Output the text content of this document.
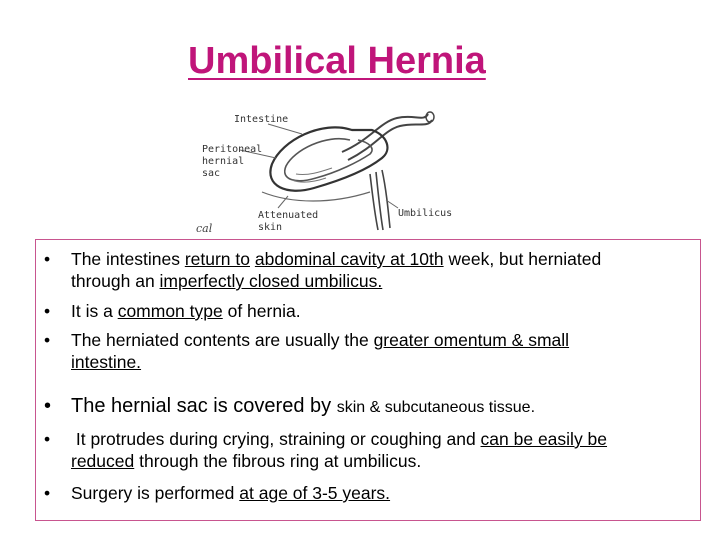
Umbilical Hernia
Intestine
Peritoneal
hernial
sac
Attenuated
skin
Umbilicus
cal
•	The intestines return to abdominal cavity at 10th week, but herniated
through an imperfectly closed umbilicus.
•	It is a common type of hernia.
•	The herniated contents are usually the greater omentum & small
intestine.
• The hernial sac is covered by skin & subcutaneous tissue.
•	It protrudes during crying, straining or coughing and can be easily be
reduced through the fibrous ring at umbilicus.
•	Surgery is performed at age of 3-5 years.
